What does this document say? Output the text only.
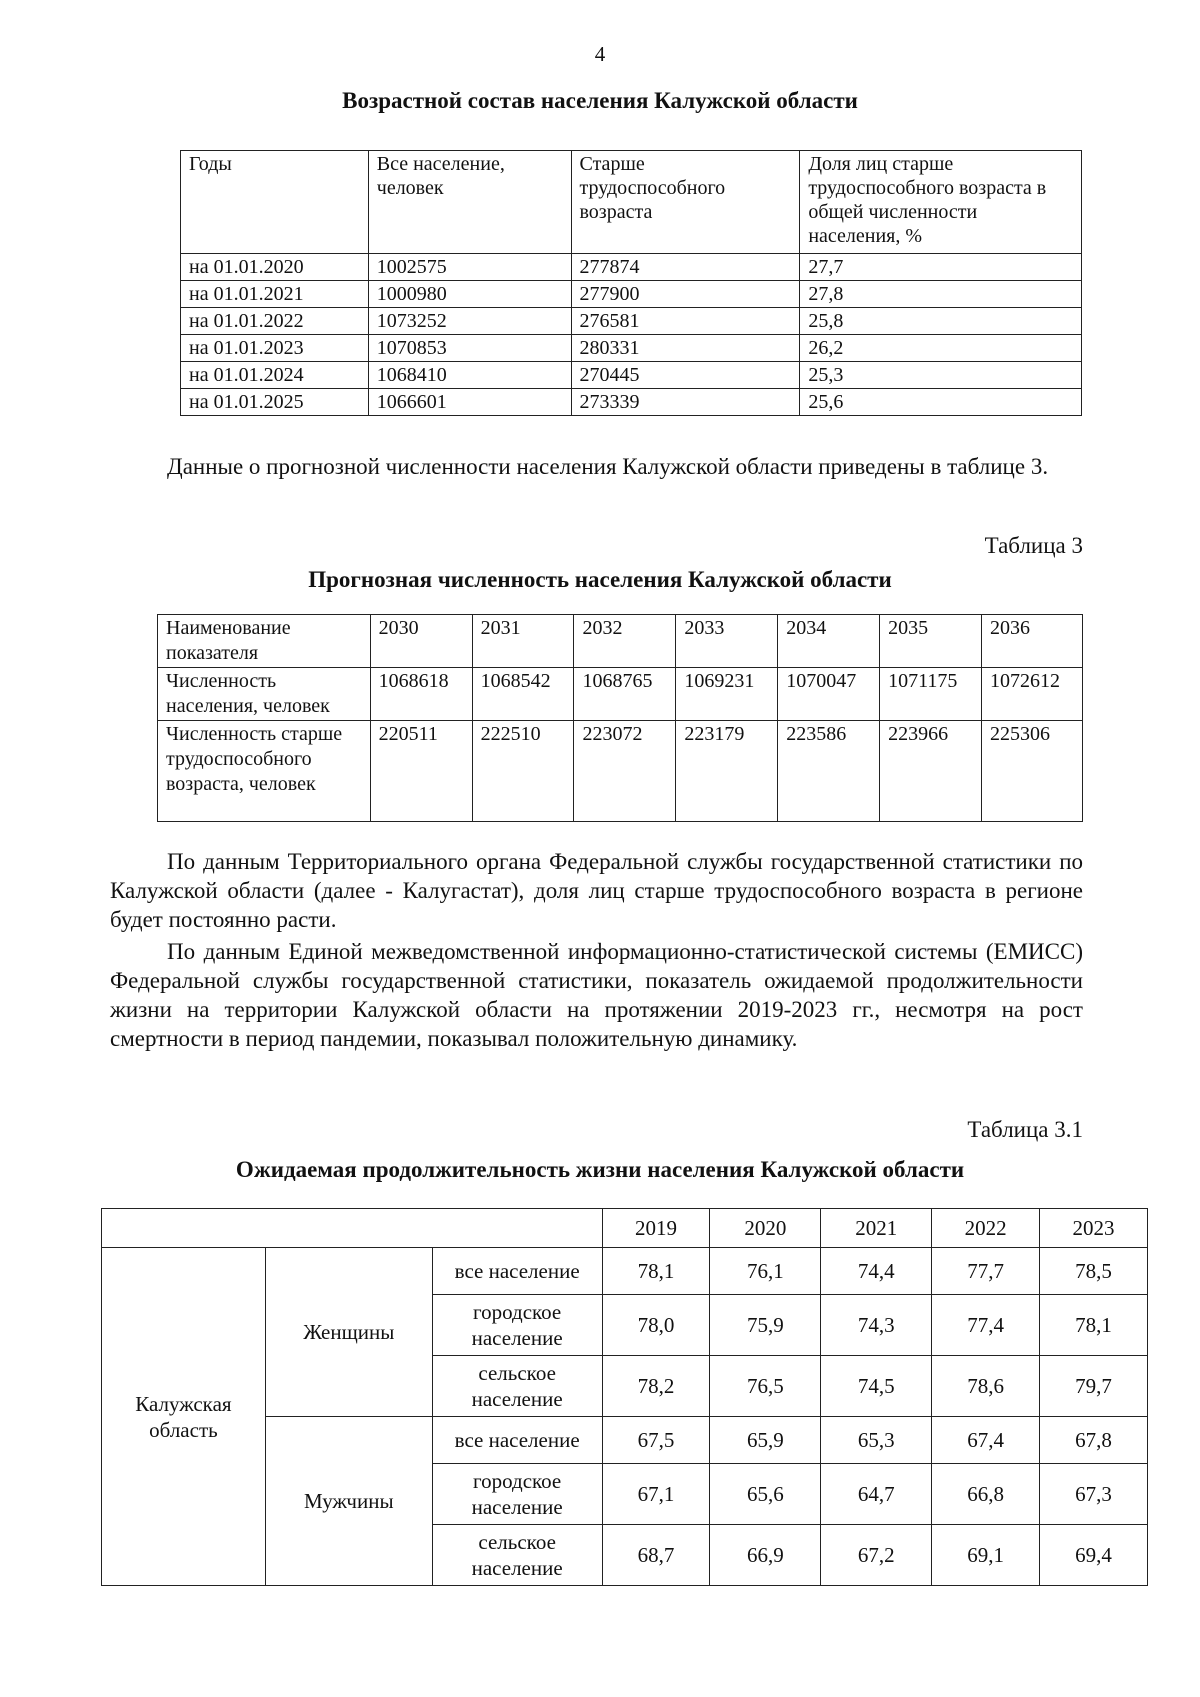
4
Возрастной состав населения Калужской области
Годы	Все население, человек	Старше трудоспособного возраста	Доля лиц старше трудоспособного возраста в общей численности населения, %
на 01.01.2020	1002575	277874	27,7
на 01.01.2021	1000980	277900	27,8
на 01.01.2022	1073252	276581	25,8
на 01.01.2023	1070853	280331	26,2
на 01.01.2024	1068410	270445	25,3
на 01.01.2025	1066601	273339	25,6
Данные о прогнозной численности населения Калужской области приведены в таблице 3.
Таблица 3
Прогнозная численность населения Калужской области
Наименование показателя	2030	2031	2032	2033	2034	2035	2036
Численность населения, человек	1068618	1068542	1068765	1069231	1070047	1071175	1072612
Численность старше трудоспособного возраста, человек	220511	222510	223072	223179	223586	223966	225306
По данным Территориального органа Федеральной службы государственной статистики по Калужской области (далее - Калугастат), доля лиц старше трудоспособного возраста в регионе будет постоянно расти.
По данным Единой межведомственной информационно-статистической системы (ЕМИСС) Федеральной службы государственной статистики, показатель ожидаемой продолжительности жизни на территории Калужской области на протяжении 2019-2023 гг., несмотря на рост смертности в период пандемии, показывал положительную динамику.
Таблица 3.1
Ожидаемая продолжительность жизни населения Калужской области
			2019	2020	2021	2022	2023
Калужская область	Женщины	все население	78,1	76,1	74,4	77,7	78,5
		городское население	78,0	75,9	74,3	77,4	78,1
		сельское население	78,2	76,5	74,5	78,6	79,7
	Мужчины	все население	67,5	65,9	65,3	67,4	67,8
		городское население	67,1	65,6	64,7	66,8	67,3
		сельское население	68,7	66,9	67,2	69,1	69,4
